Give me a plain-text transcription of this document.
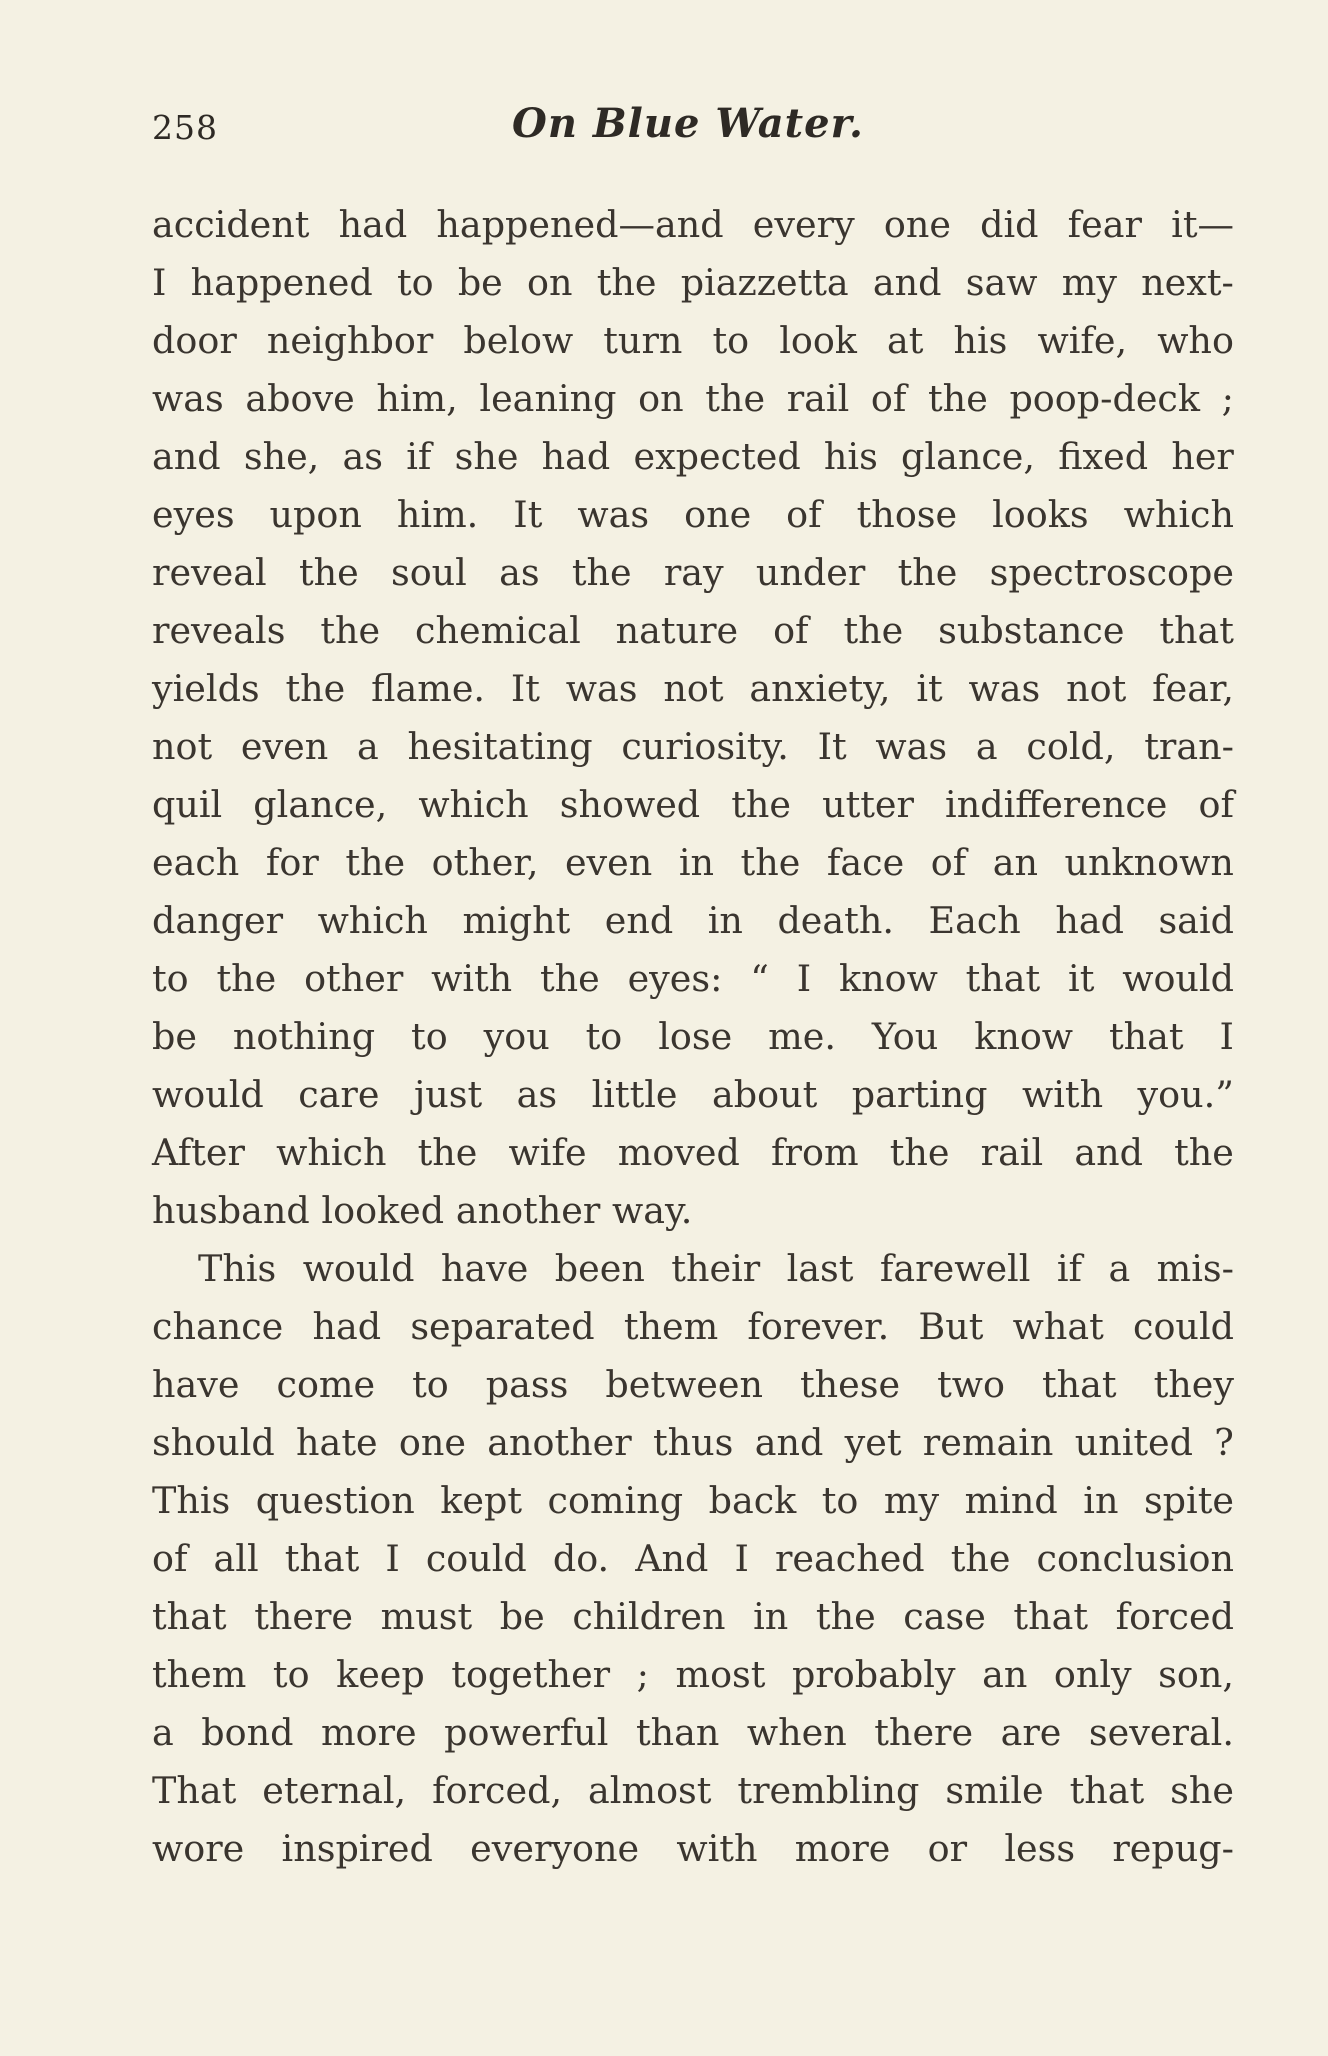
258	On Blue Water.
accident had happened—and every one did fear it—
I happened to be on the piazzetta and saw my next-
door neighbor below turn to look at his wife, who
was above him, leaning on the rail of the poop-deck ;
and she, as if she had expected his glance, fixed her
eyes upon him. It was one of those looks which
reveal the soul as the ray under the spectroscope
reveals the chemical nature of the substance that
yields the flame. It was not anxiety, it was not fear,
not even a hesitating curiosity. It was a cold, tran-
quil glance, which showed the utter indifference of
each for the other, even in the face of an unknown
danger which might end in death. Each had said
to the other with the eyes: “ I know that it would
be nothing to you to lose me. You know that I
would care just as little about parting with you.”
After which the wife moved from the rail and the
husband looked another way.
This would have been their last farewell if a mis-
chance had separated them forever. But what could
have come to pass between these two that they
should hate one another thus and yet remain united ?
This question kept coming back to my mind in spite
of all that I could do. And I reached the conclusion
that there must be children in the case that forced
them to keep together ; most probably an only son,
a bond more powerful than when there are several.
That eternal, forced, almost trembling smile that she
wore inspired everyone with more or less repug-
